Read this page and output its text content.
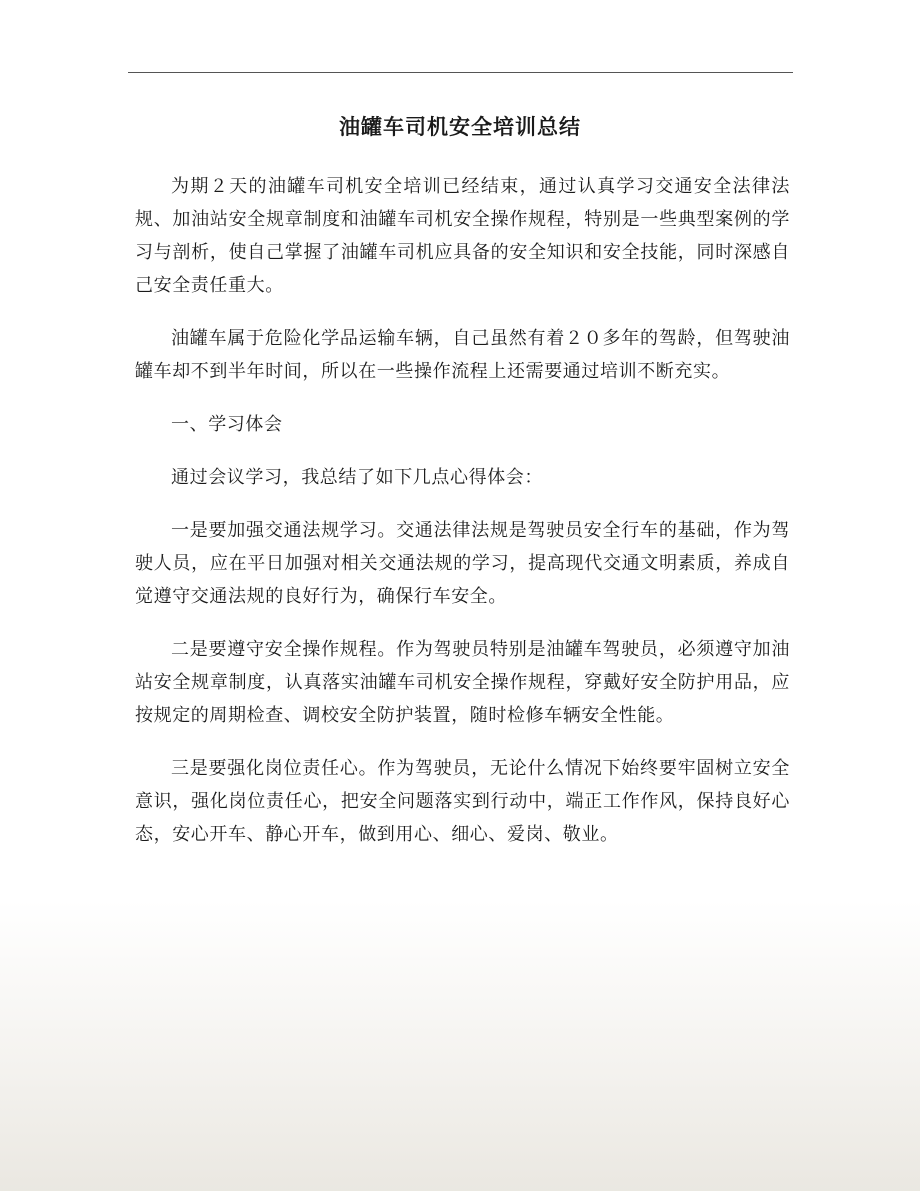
油罐车司机安全培训总结

为期２天的油罐车司机安全培训已经结束，通过认真学习交通安全法律法规、加油站安全规章制度和油罐车司机安全操作规程，特别是一些典型案例的学习与剖析，使自己掌握了油罐车司机应具备的安全知识和安全技能，同时深感自己安全责任重大。

油罐车属于危险化学品运输车辆，自己虽然有着２０多年的驾龄，但驾驶油罐车却不到半年时间，所以在一些操作流程上还需要通过培训不断充实。

一、学习体会

通过会议学习，我总结了如下几点心得体会：

一是要加强交通法规学习。交通法律法规是驾驶员安全行车的基础，作为驾驶人员，应在平日加强对相关交通法规的学习，提高现代交通文明素质，养成自觉遵守交通法规的良好行为，确保行车安全。

二是要遵守安全操作规程。作为驾驶员特别是油罐车驾驶员，必须遵守加油站安全规章制度，认真落实油罐车司机安全操作规程，穿戴好安全防护用品，应按规定的周期检查、调校安全防护装置，随时检修车辆安全性能。

三是要强化岗位责任心。作为驾驶员，无论什么情况下始终要牢固树立安全意识，强化岗位责任心，把安全问题落实到行动中，端正工作作风，保持良好心态，安心开车、静心开车，做到用心、细心、爱岗、敬业。
